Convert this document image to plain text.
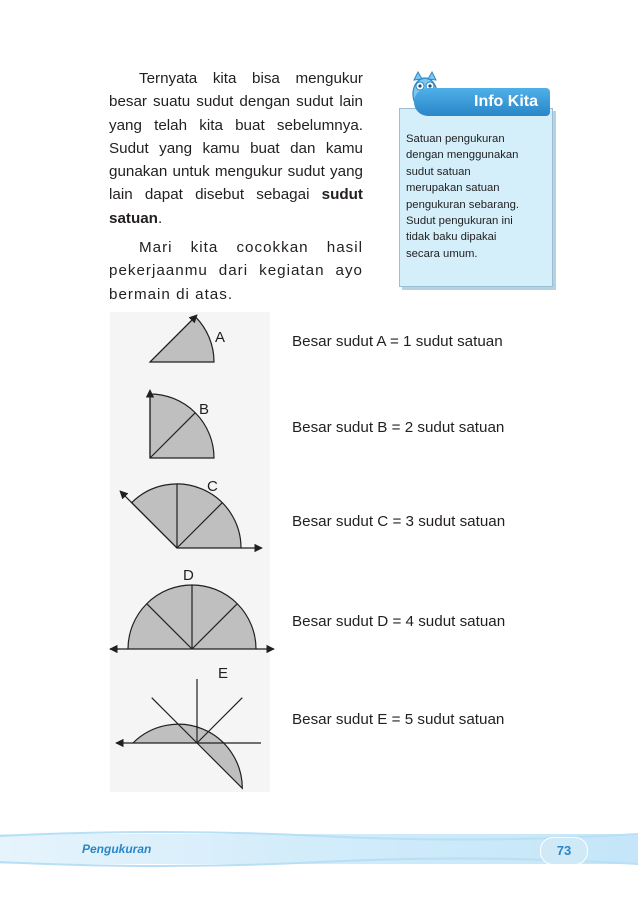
Ternyata kita bisa mengukur besar suatu sudut dengan sudut lain yang telah kita buat sebelumnya. Sudut yang kamu buat dan kamu gunakan untuk mengukur sudut yang lain dapat disebut sebagai sudut satuan.

Mari kita cocokkan hasil pekerjaanmu dari kegiatan ayo bermain di atas.

Info Kita
Satuan pengukuran
dengan menggunakan
sudut satuan
merupakan satuan
pengukuran sebarang.
Sudut pengukuran ini
tidak baku dipakai
secara umum.
A
B
C
D
E
Besar sudut A = 1 sudut satuan
Besar sudut B = 2 sudut satuan
Besar sudut C = 3 sudut satuan
Besar sudut D = 4 sudut satuan
Besar sudut E = 5 sudut satuan
Pengukuran	73
